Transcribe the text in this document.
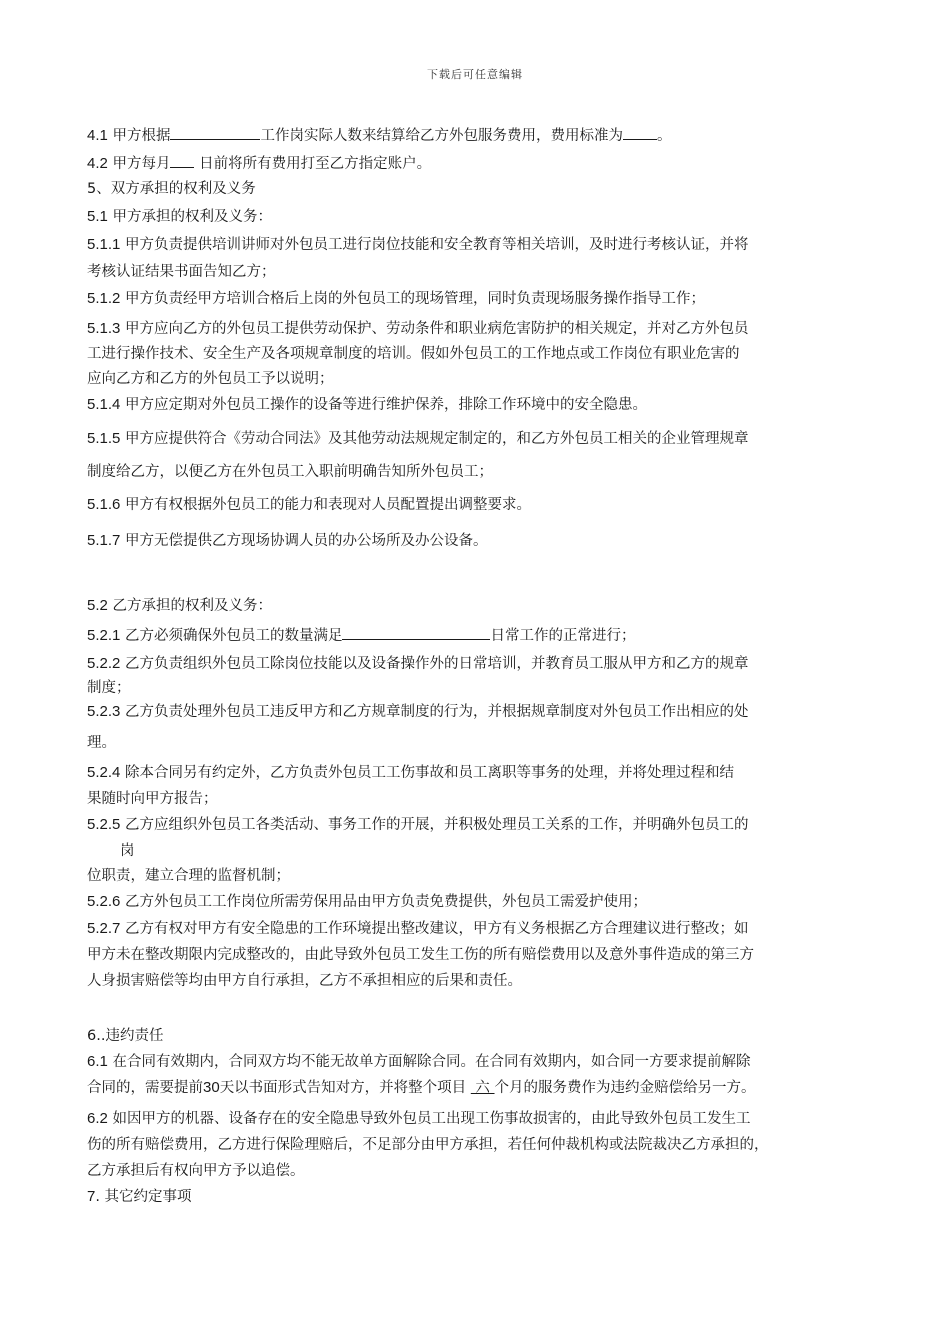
下载后可任意编辑
4.1 甲方根据	工作岗实际人数来结算给乙方外包服务费用，费用标准为 。
4.2 甲方每月 日前将所有费用打至乙方指定账户。
5、双方承担的权利及义务
5.1 甲方承担的权利及义务：
5.1.1 甲方负责提供培训讲师对外包员工进行岗位技能和安全教育等相关培训，及时进行考核认证，并将
考核认证结果书面告知乙方；
5.1.2 甲方负责经甲方培训合格后上岗的外包员工的现场管理，同时负责现场服务操作指导工作；
5.1.3 甲方应向乙方的外包员工提供劳动保护、劳动条件和职业病危害防护的相关规定，并对乙方外包员
工进行操作技术、安全生产及各项规章制度的培训。假如外包员工的工作地点或工作岗位有职业危害的
应向乙方和乙方的外包员工予以说明；
5.1.4 甲方应定期对外包员工操作的设备等进行维护保养，排除工作环境中的安全隐患。
5.1.5 甲方应提供符合《劳动合同法》及其他劳动法规规定制定的，和乙方外包员工相关的企业管理规章
制度给乙方，以便乙方在外包员工入职前明确告知所外包员工；
5.1.6 甲方有权根据外包员工的能力和表现对人员配置提出调整要求。
5.1.7 甲方无偿提供乙方现场协调人员的办公场所及办公设备。
5.2 乙方承担的权利及义务：
5.2.1 乙方必须确保外包员工的数量满足	日常工作的正常进行；
5.2.2 乙方负责组织外包员工除岗位技能以及设备操作外的日常培训，并教育员工服从甲方和乙方的规章
制度；
5.2.3 乙方负责处理外包员工违反甲方和乙方规章制度的行为，并根据规章制度对外包员工作出相应的处
理。
5.2.4 除本合同另有约定外，乙方负责外包员工工伤事故和员工离职等事务的处理，并将处理过程和结
果随时向甲方报告；
5.2.5 乙方应组织外包员工各类活动、事务工作的开展，并积极处理员工关系的工作，并明确外包员工的
岗
位职责，建立合理的监督机制；
5.2.6 乙方外包员工工作岗位所需劳保用品由甲方负责免费提供，外包员工需爱护使用；
5.2.7 乙方有权对甲方有安全隐患的工作环境提出整改建议，甲方有义务根据乙方合理建议进行整改；如
甲方未在整改期限内完成整改的，由此导致外包员工发生工伤的所有赔偿费用以及意外事件造成的第三方
人身损害赔偿等均由甲方自行承担，乙方不承担相应的后果和责任。
6..违约责任
6.1 在合同有效期内，合同双方均不能无故单方面解除合同。在合同有效期内，如合同一方要求提前解除
合同的，需要提前30天以书面形式告知对方，并将整个项目  六 个月的服务费作为违约金赔偿给另一方。
6.2 如因甲方的机器、设备存在的安全隐患导致外包员工出现工伤事故损害的，由此导致外包员工发生工
伤的所有赔偿费用，乙方进行保险理赔后，不足部分由甲方承担，若任何仲裁机构或法院裁决乙方承担的，
乙方承担后有权向甲方予以追偿。
7. 其它约定事项
